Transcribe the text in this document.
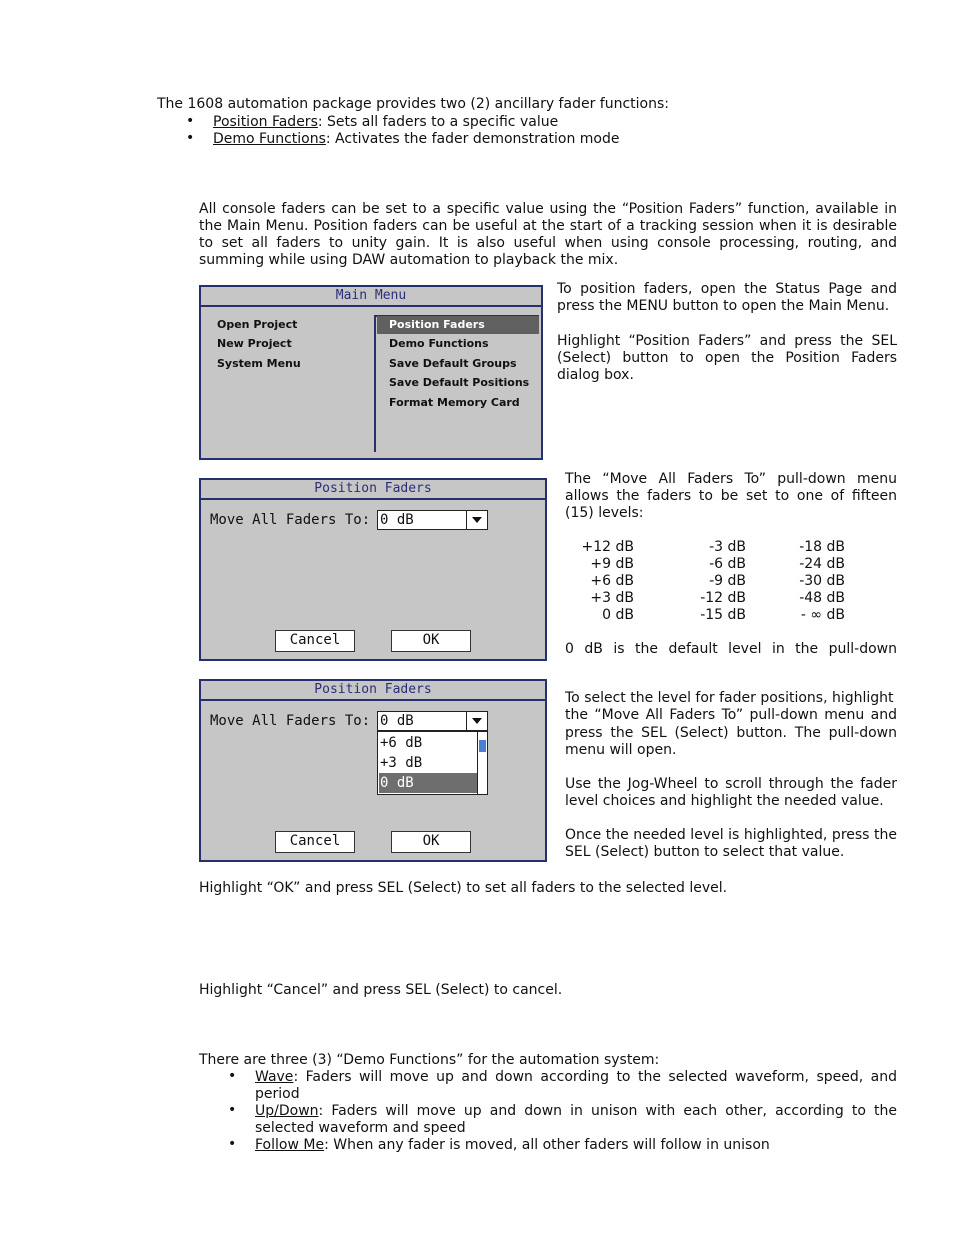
The 1608 automation package provides two (2) ancillary fader functions:
• Position Faders: Sets all faders to a specific value
• Demo Functions: Activates the fader demonstration mode
All console faders can be set to a specific value using the “Position Faders” function, available in
the Main Menu. Position faders can be useful at the start of a tracking session when it is desirable
to set all faders to unity gain. It is also useful when using console processing, routing, and
summing while using DAW automation to playback the mix.
Main Menu
Open Project
New Project
System Menu
Position Faders
Demo Functions
Save Default Groups
Save Default Positions
Format Memory Card
To position faders, open the Status Page and
press the MENU button to open the Main Menu.
Highlight “Position Faders” and press the SEL
(Select) button to open the Position Faders
dialog box.
Position Faders
Move All Faders To: 0 dB
Cancel	OK
The “Move All Faders To” pull-down menu
allows the faders to be set to one of fifteen
(15) levels:
+12 dB
+9 dB
+6 dB
+3 dB
0 dB
-3 dB
-6 dB
-9 dB
-12 dB
-15 dB
-18 dB
-24 dB
-30 dB
-48 dB
- ∞ dB
0 dB is the default level in the pull-down
Position Faders
Move All Faders To: 0 dB
+6 dB
+3 dB
0 dB
Cancel	OK
To select the level for fader positions, highlight
the “Move All Faders To” pull-down menu and
press the SEL (Select) button. The pull-down
menu will open.
Use the Jog-Wheel to scroll through the fader
level choices and highlight the needed value.
Once the needed level is highlighted, press the
SEL (Select) button to select that value.
Highlight “OK” and press SEL (Select) to set all faders to the selected level.
Highlight “Cancel” and press SEL (Select) to cancel.
There are three (3) “Demo Functions” for the automation system:
• Wave: Faders will move up and down according to the selected waveform, speed, and
period
• Up/Down: Faders will move up and down in unison with each other, according to the
selected waveform and speed
• Follow Me: When any fader is moved, all other faders will follow in unison
